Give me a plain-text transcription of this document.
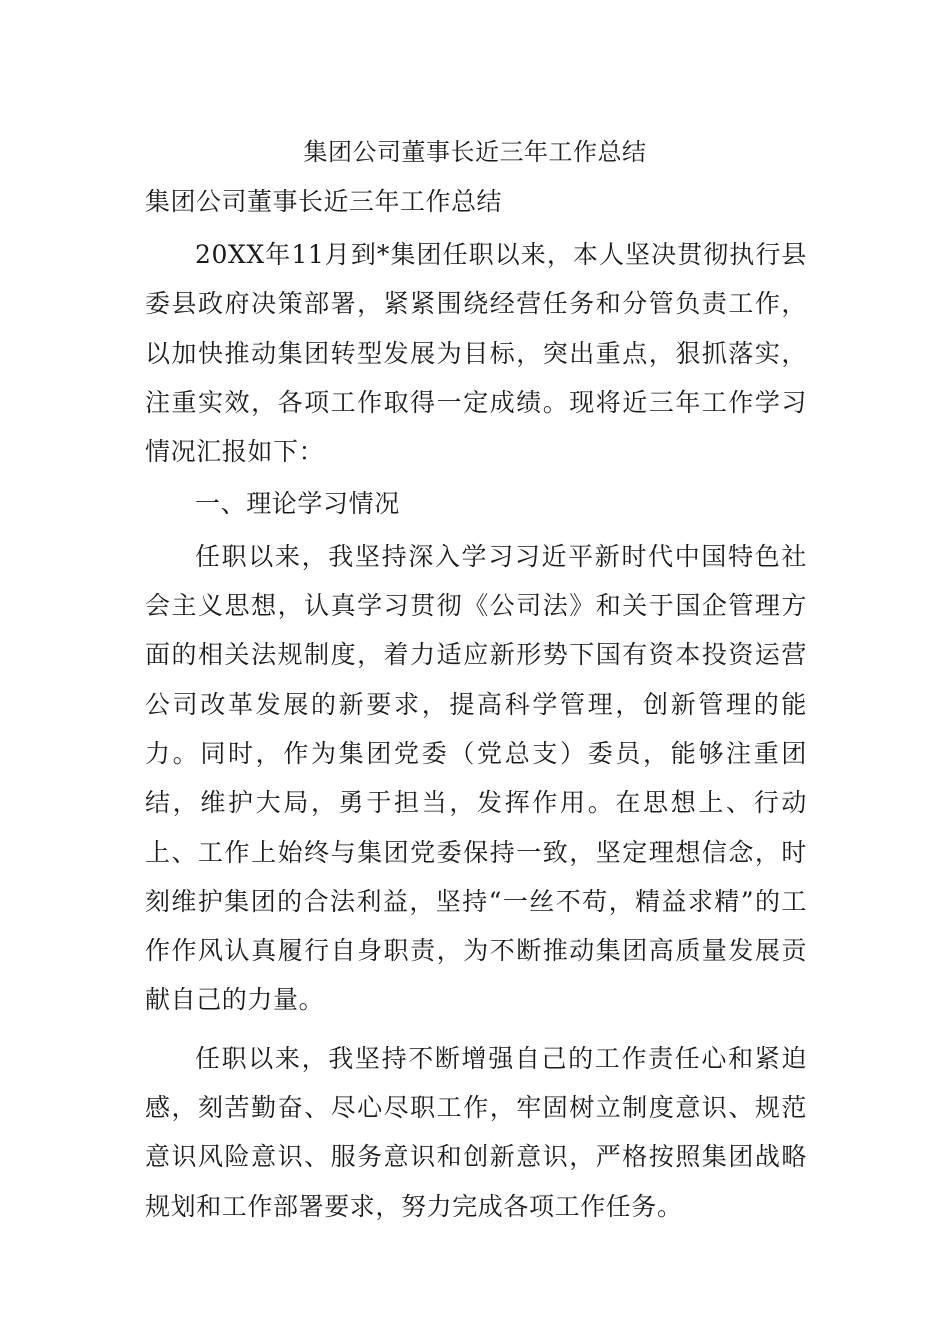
集团公司董事长近三年工作总结
集团公司董事长近三年工作总结

20XX年11月到*集团任职以来，本人坚决贯彻执行县委县政府决策部署，紧紧围绕经营任务和分管负责工作，以加快推动集团转型发展为目标，突出重点，狠抓落实，注重实效，各项工作取得一定成绩。现将近三年工作学习情况汇报如下：

一、理论学习情况

任职以来，我坚持深入学习习近平新时代中国特色社会主义思想，认真学习贯彻《公司法》和关于国企管理方面的相关法规制度，着力适应新形势下国有资本投资运营公司改革发展的新要求，提高科学管理，创新管理的能力。同时，作为集团党委（党总支）委员，能够注重团结，维护大局，勇于担当，发挥作用。在思想上、行动上、工作上始终与集团党委保持一致，坚定理想信念，时刻维护集团的合法利益，坚持“一丝不苟，精益求精”的工作作风认真履行自身职责，为不断推动集团高质量发展贡献自己的力量。

任职以来，我坚持不断增强自己的工作责任心和紧迫感，刻苦勤奋、尽心尽职工作，牢固树立制度意识、规范意识风险意识、服务意识和创新意识，严格按照集团战略规划和工作部署要求，努力完成各项工作任务。
